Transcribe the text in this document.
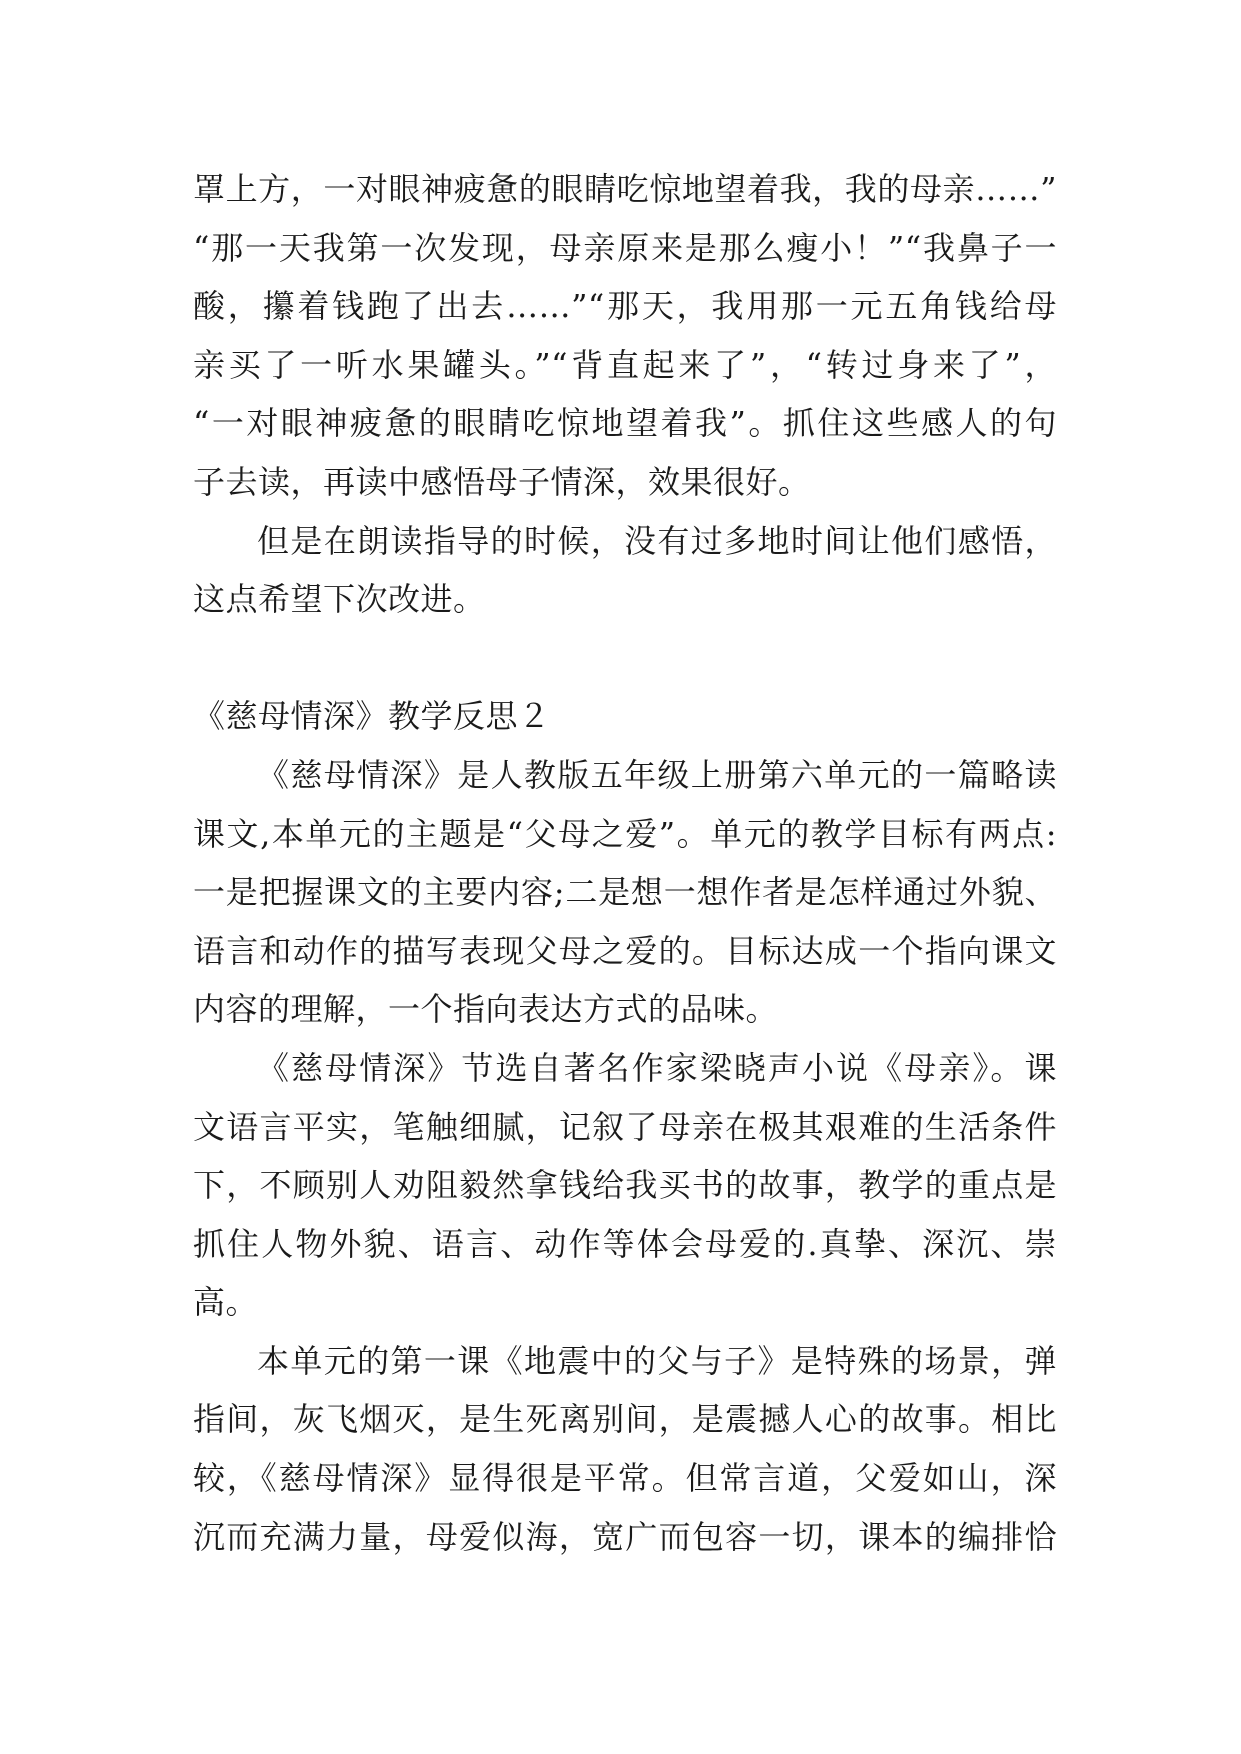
罩上方，一对眼神疲惫的眼睛吃惊地望着我，我的母亲……”
“那一天我第一次发现，母亲原来是那么瘦小！”“我鼻子一
酸，攥着钱跑了出去……”“那天，我用那一元五角钱给母
亲买了一听水果罐头。”“背直起来了”，“转过身来了”，
“一对眼神疲惫的眼睛吃惊地望着我”。抓住这些感人的句
子去读，再读中感悟母子情深，效果很好。
但是在朗读指导的时候，没有过多地时间让他们感悟，
这点希望下次改进。
《慈母情深》教学反思２
《慈母情深》是人教版五年级上册第六单元的一篇略读
课文,本单元的主题是“父母之爱”。单元的教学目标有两点:
一是把握课文的主要内容;二是想一想作者是怎样通过外貌、
语言和动作的描写表现父母之爱的。目标达成一个指向课文
内容的理解，一个指向表达方式的品味。
《慈母情深》节选自著名作家梁晓声小说《母亲》。课
文语言平实，笔触细腻，记叙了母亲在极其艰难的生活条件
下，不顾别人劝阻毅然拿钱给我买书的故事，教学的重点是
抓住人物外貌、语言、动作等体会母爱的.真挚、深沉、崇
高。
本单元的第一课《地震中的父与子》是特殊的场景，弹
指间，灰飞烟灭，是生死离别间，是震撼人心的故事。相比
较，《慈母情深》显得很是平常。但常言道，父爱如山，深
沉而充满力量，母爱似海，宽广而包容一切，课本的编排恰
